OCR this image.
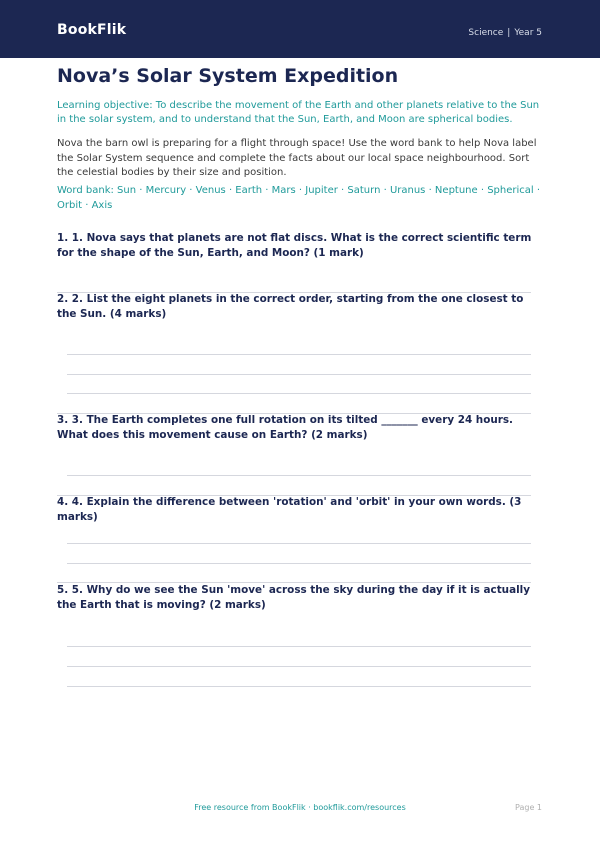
BookFlik	Science | Year 5
Nova’s Solar System Expedition

Learning objective: To describe the movement of the Earth and other planets relative to the Sun in the solar system, and to understand that the Sun, Earth, and Moon are spherical bodies.

Nova the barn owl is preparing for a flight through space! Use the word bank to help Nova label the Solar System sequence and complete the facts about our local space neighbourhood. Sort the celestial bodies by their size and position.

Word bank: Sun · Mercury · Venus · Earth · Mars · Jupiter · Saturn · Uranus · Neptune · Spherical · Orbit · Axis

1. 1. Nova says that planets are not flat discs. What is the correct scientific term for the shape of the Sun, Earth, and Moon? (1 mark)

2. 2. List the eight planets in the correct order, starting from the one closest to the Sun. (4 marks)

3. 3. The Earth completes one full rotation on its tilted _______ every 24 hours. What does this movement cause on Earth? (2 marks)

4. 4. Explain the difference between 'rotation' and 'orbit' in your own words. (3 marks)

5. 5. Why do we see the Sun 'move' across the sky during the day if it is actually the Earth that is moving? (2 marks)

Free resource from BookFlik · bookflik.com/resources	Page 1
